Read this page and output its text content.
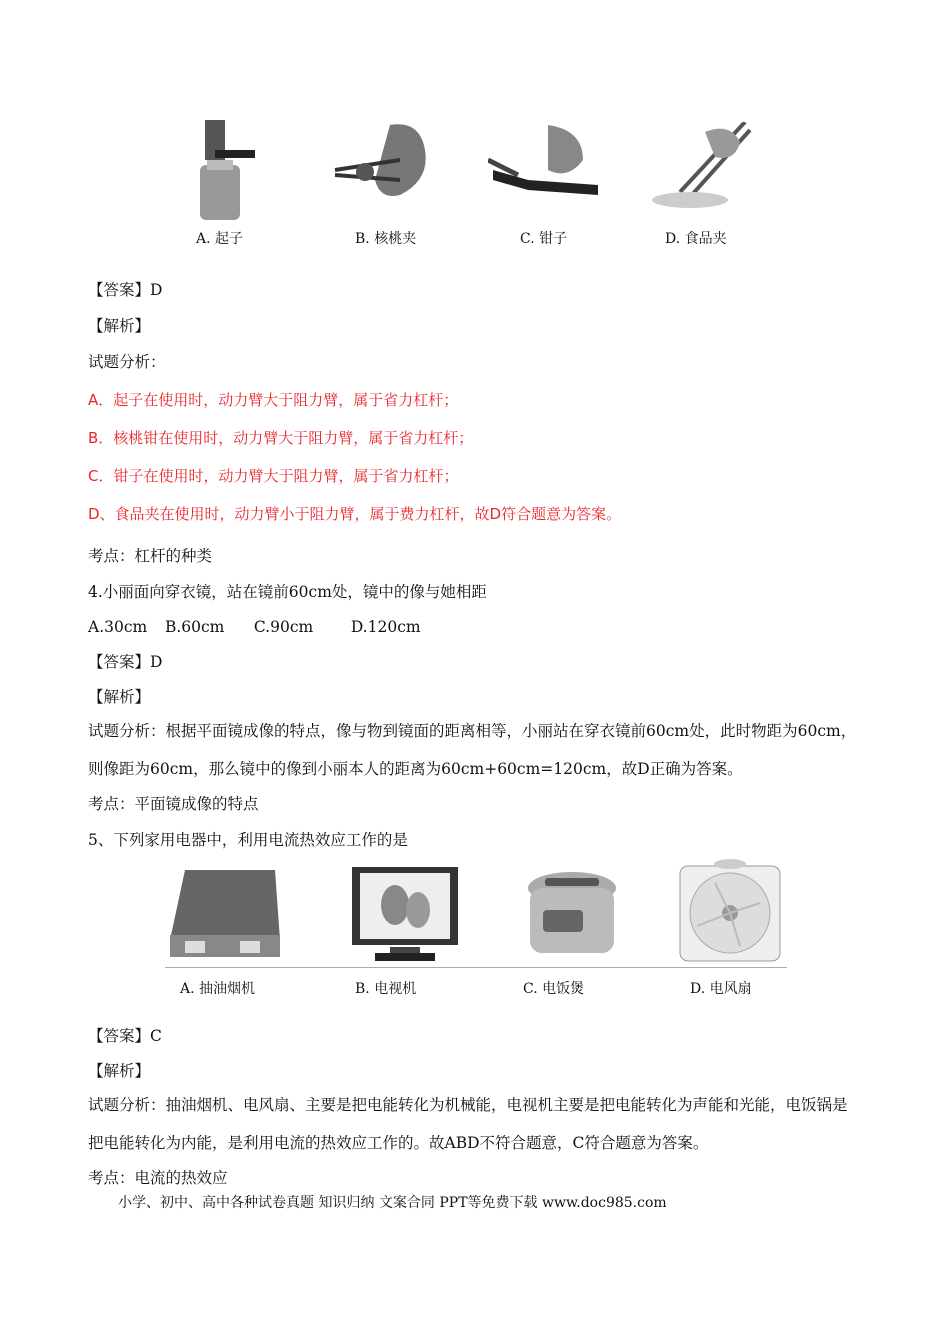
A. 起子	B. 核桃夹	C. 钳子	D. 食品夹
【答案】D
【解析】
试题分析：
A．起子在使用时，动力臂大于阻力臂，属于省力杠杆；
B．核桃钳在使用时，动力臂大于阻力臂，属于省力杠杆；
C．钳子在使用时，动力臂大于阻力臂，属于省力杠杆；
D、食品夹在使用时，动力臂小于阻力臂，属于费力杠杆，故D符合题意为答案。
考点：杠杆的种类
4.小丽面向穿衣镜，站在镜前60cm处，镜中的像与她相距
A.30cm B.60cm C.90cm D.120cm
【答案】D
【解析】
试题分析：根据平面镜成像的特点，像与物到镜面的距离相等，小丽站在穿衣镜前60cm处，此时物距为60cm，则像距为60cm，那么镜中的像到小丽本人的距离为60cm+60cm=120cm，故D正确为答案。
考点：平面镜成像的特点
5、下列家用电器中，利用电流热效应工作的是
A. 抽油烟机	B. 电视机	C. 电饭煲	D. 电风扇
【答案】C
【解析】
试题分析：抽油烟机、电风扇、主要是把电能转化为机械能，电视机主要是把电能转化为声能和光能，电饭锅是把电能转化为内能，是利用电流的热效应工作的。故ABD不符合题意，C符合题意为答案。
考点：电流的热效应
小学、初中、高中各种试卷真题 知识归纳 文案合同 PPT等免费下载 www.doc985.com
